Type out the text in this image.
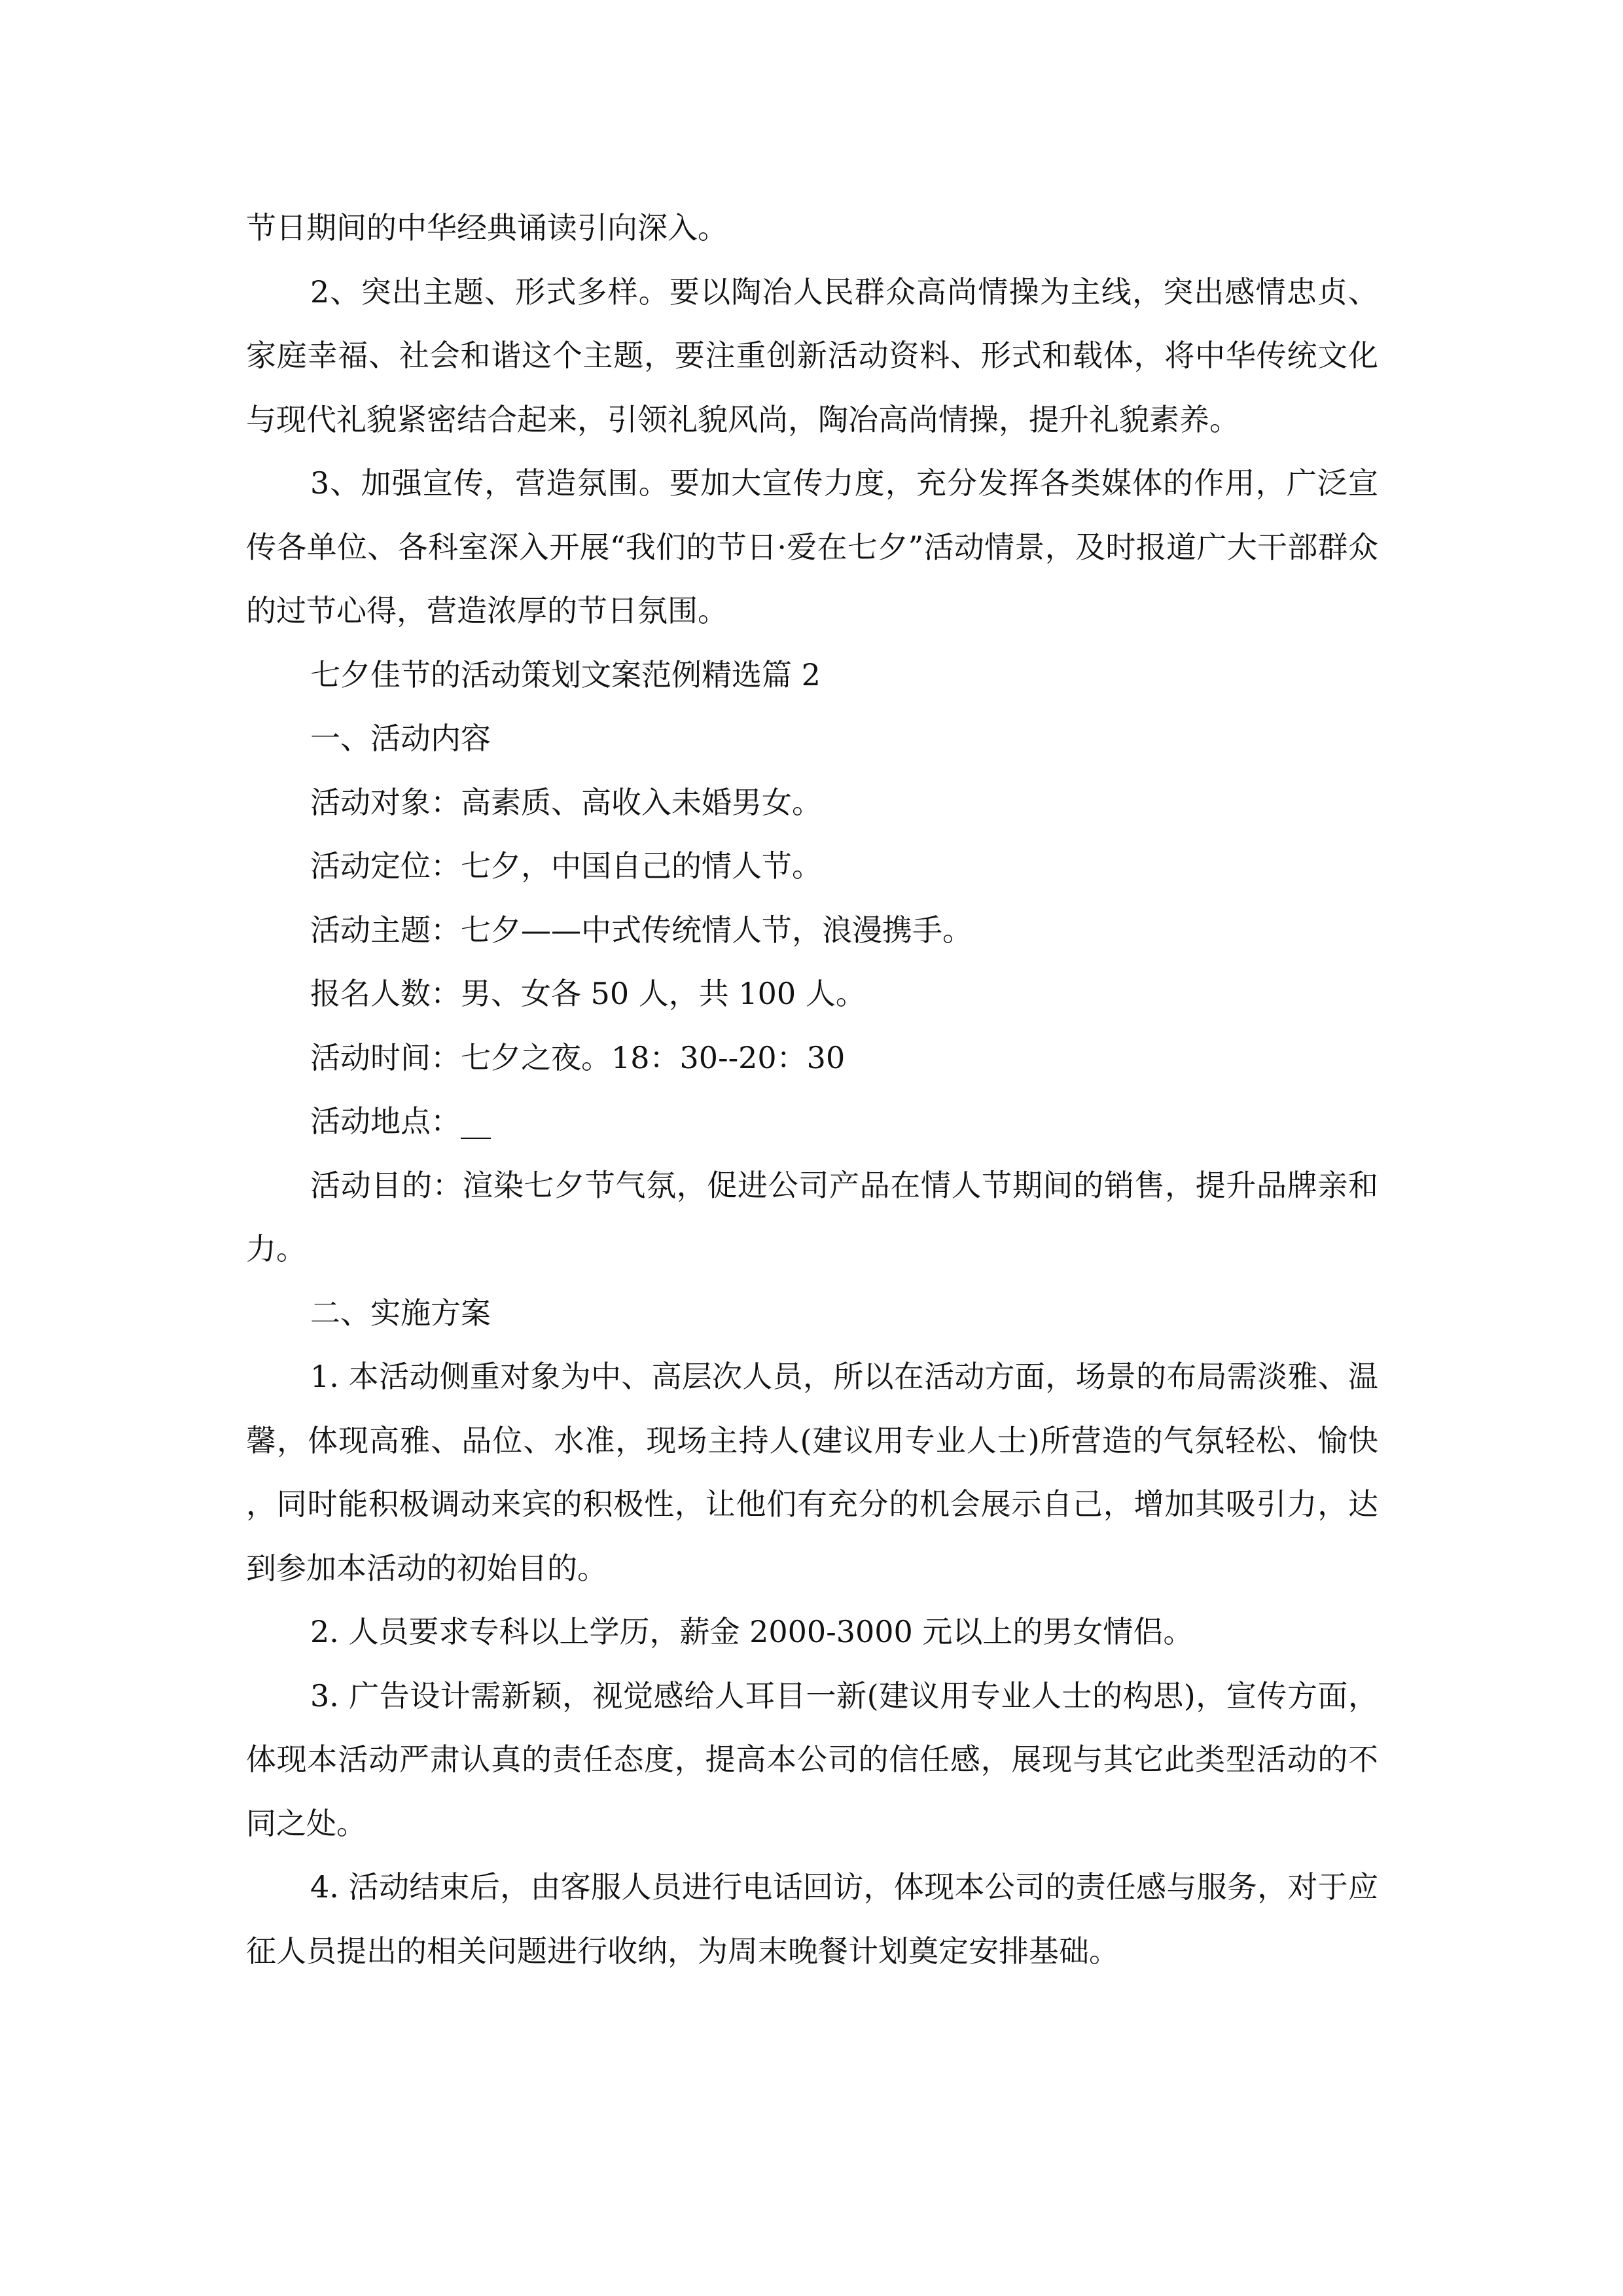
节日期间的中华经典诵读引向深入。

2、突出主题、形式多样。要以陶冶人民群众高尚情操为主线，突出感情忠贞、家庭幸福、社会和谐这个主题，要注重创新活动资料、形式和载体，将中华传统文化与现代礼貌紧密结合起来，引领礼貌风尚，陶冶高尚情操，提升礼貌素养。

3、加强宣传，营造氛围。要加大宣传力度，充分发挥各类媒体的作用，广泛宣传各单位、各科室深入开展“我们的节日·爱在七夕”活动情景，及时报道广大干部群众的过节心得，营造浓厚的节日氛围。

七夕佳节的活动策划文案范例精选篇 2

一、活动内容

活动对象：高素质、高收入未婚男女。

活动定位：七夕，中国自己的情人节。

活动主题：七夕——中式传统情人节，浪漫携手。

报名人数：男、女各 50 人，共 100 人。

活动时间：七夕之夜。18：30--20：30

活动地点：__

活动目的：渲染七夕节气氛，促进公司产品在情人节期间的销售，提升品牌亲和力。

二、实施方案

1. 本活动侧重对象为中、高层次人员，所以在活动方面，场景的布局需淡雅、温馨，体现高雅、品位、水准，现场主持人(建议用专业人士)所营造的气氛轻松、愉快，同时能积极调动来宾的积极性，让他们有充分的机会展示自己，增加其吸引力，达到参加本活动的初始目的。

2. 人员要求专科以上学历，薪金 2000-3000 元以上的男女情侣。

3. 广告设计需新颖，视觉感给人耳目一新(建议用专业人士的构思)，宣传方面，体现本活动严肃认真的责任态度，提高本公司的信任感，展现与其它此类型活动的不同之处。

4. 活动结束后，由客服人员进行电话回访，体现本公司的责任感与服务，对于应征人员提出的相关问题进行收纳，为周末晚餐计划奠定安排基础。
